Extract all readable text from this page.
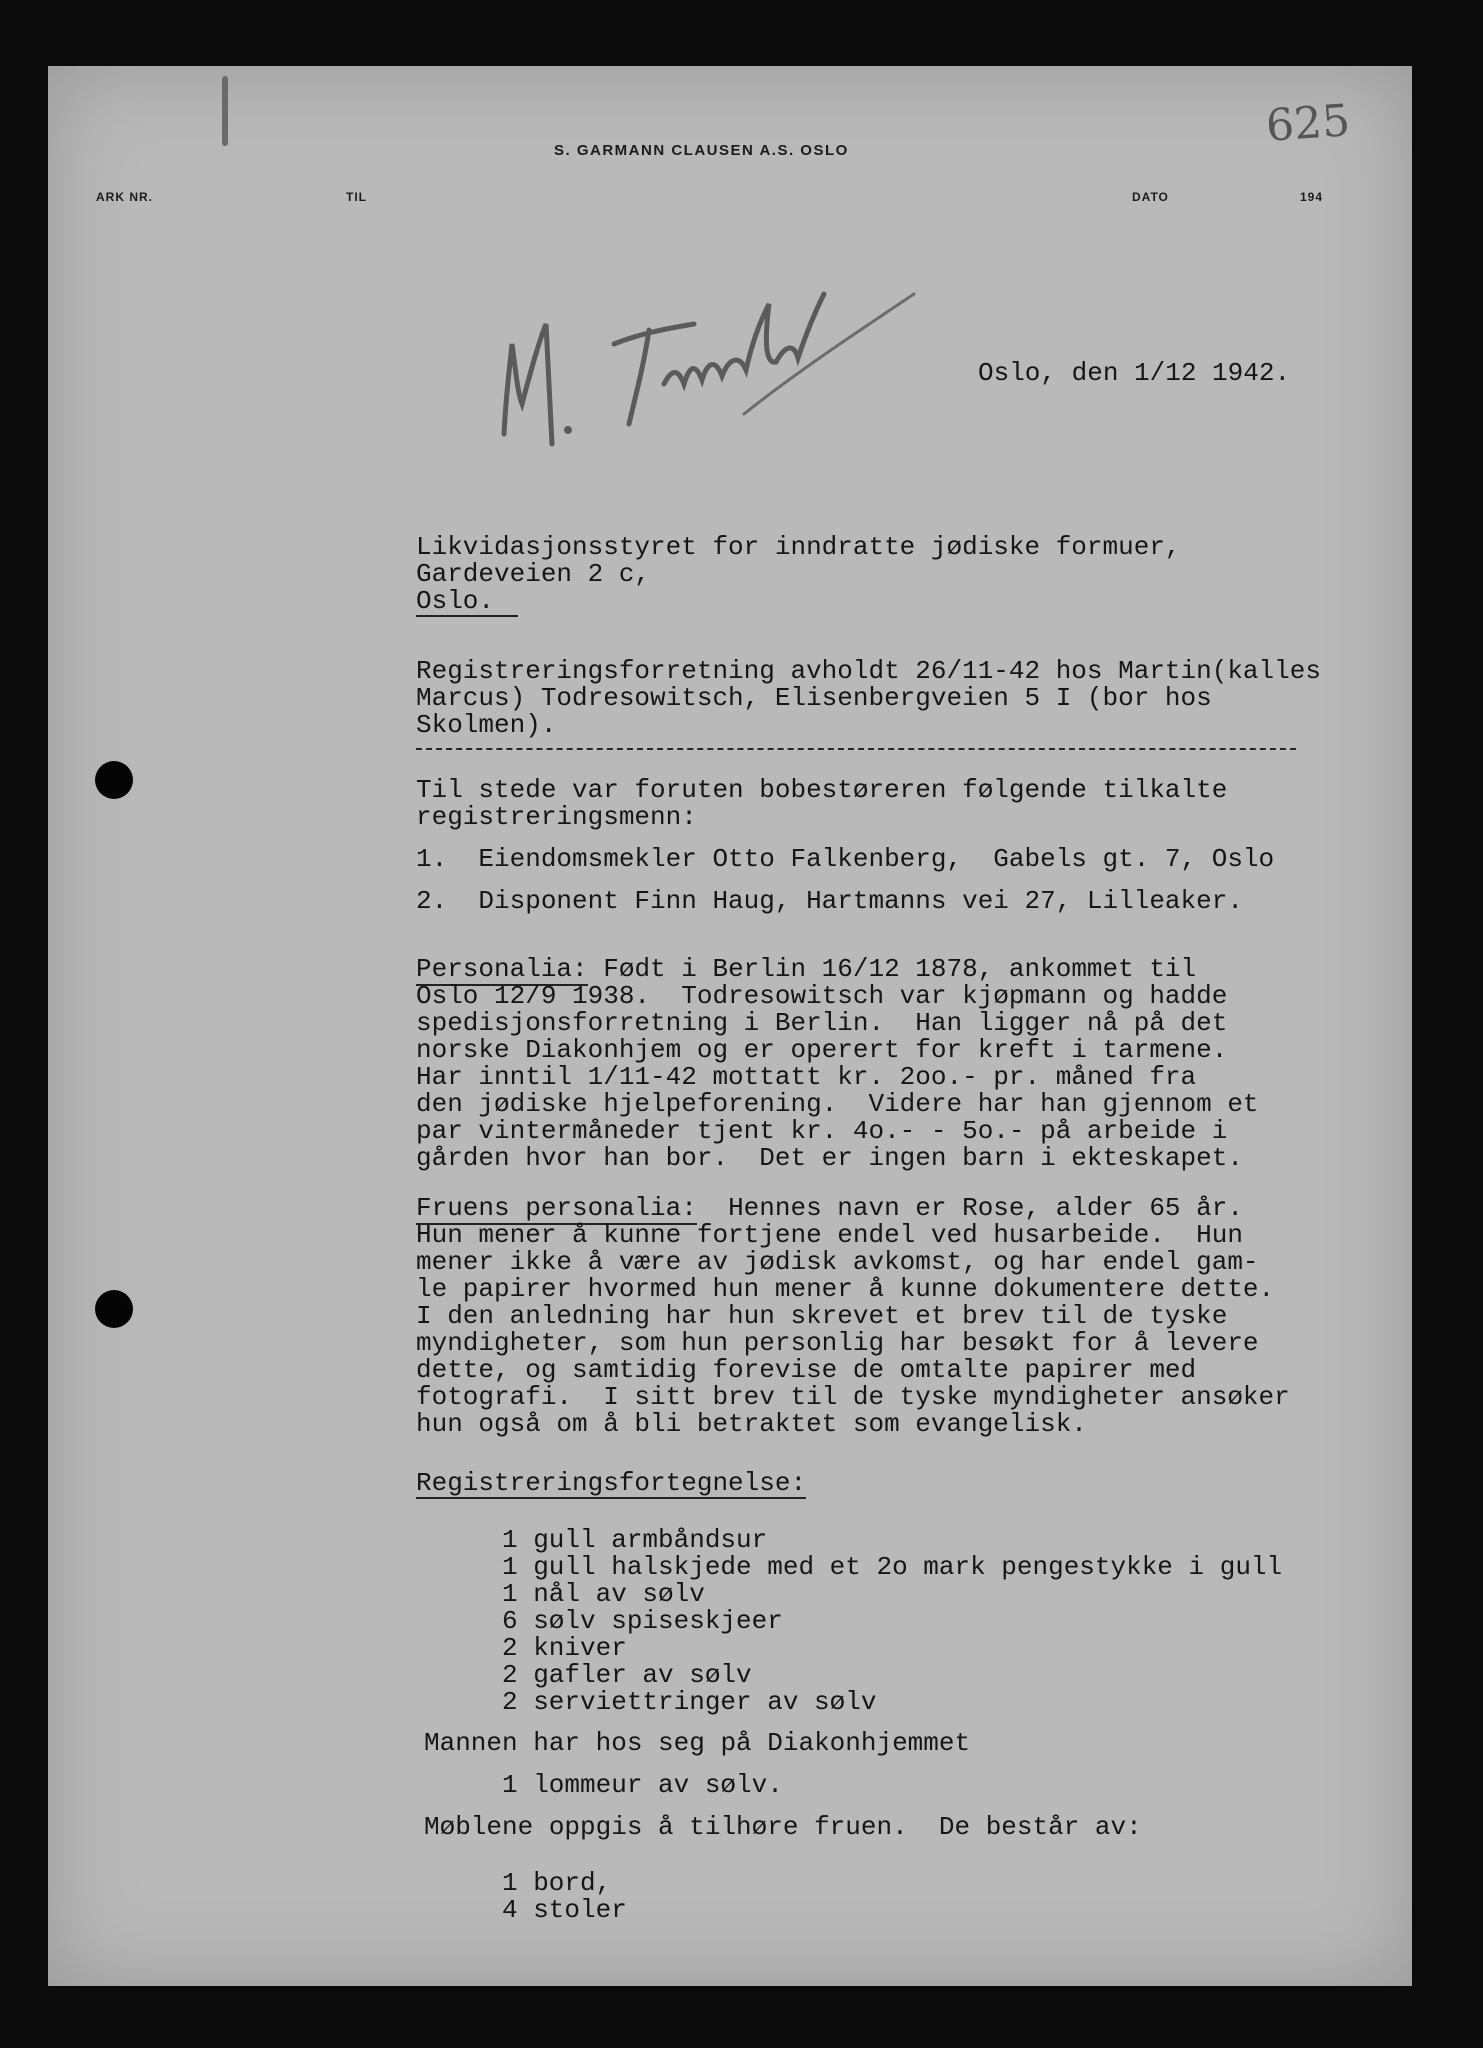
S. GARMANN CLAUSEN A.S. OSLO
ARK NR.	TIL	DATO	194
625

Oslo, den 1/12 1942.
Likvidasjonsstyret for inndratte jødiske formuer,
Gardeveien 2 c,
Oslo.
Registreringsforretning avholdt 26/11-42 hos Martin(kalles
Marcus) Todresowitsch, Elisenbergveien 5 I (bor hos
Skolmen).
Til stede var foruten bobestøreren følgende tilkalte
registreringsmenn:
1.  Eiendomsmekler Otto Falkenberg,  Gabels gt. 7, Oslo
2.  Disponent Finn Haug, Hartmanns vei 27, Lilleaker.
Personalia: Født i Berlin 16/12 1878, ankommet til
Oslo 12/9 1938.  Todresowitsch var kjøpmann og hadde
spedisjonsforretning i Berlin.  Han ligger nå på det
norske Diakonhjem og er operert for kreft i tarmene.
Har inntil 1/11-42 mottatt kr. 2oo.- pr. måned fra
den jødiske hjelpeforening.  Videre har han gjennom et
par vintermåneder tjent kr. 4o.- - 5o.- på arbeide i
gården hvor han bor.  Det er ingen barn i ekteskapet.
Fruens personalia:  Hennes navn er Rose, alder 65 år.
Hun mener å kunne fortjene endel ved husarbeide.  Hun
mener ikke å være av jødisk avkomst, og har endel gam-
le papirer hvormed hun mener å kunne dokumentere dette.
I den anledning har hun skrevet et brev til de tyske
myndigheter, som hun personlig har besøkt for å levere
dette, og samtidig forevise de omtalte papirer med
fotografi.  I sitt brev til de tyske myndigheter ansøker
hun også om å bli betraktet som evangelisk.
Registreringsfortegnelse:
1 gull armbåndsur
1 gull halskjede med et 2o mark pengestykke i gull
1 nål av sølv
6 sølv spiseskjeer
2 kniver
2 gafler av sølv
2 serviettringer av sølv
Mannen har hos seg på Diakonhjemmet
1 lommeur av sølv.
Møblene oppgis å tilhøre fruen.  De består av:
1 bord,
4 stoler
